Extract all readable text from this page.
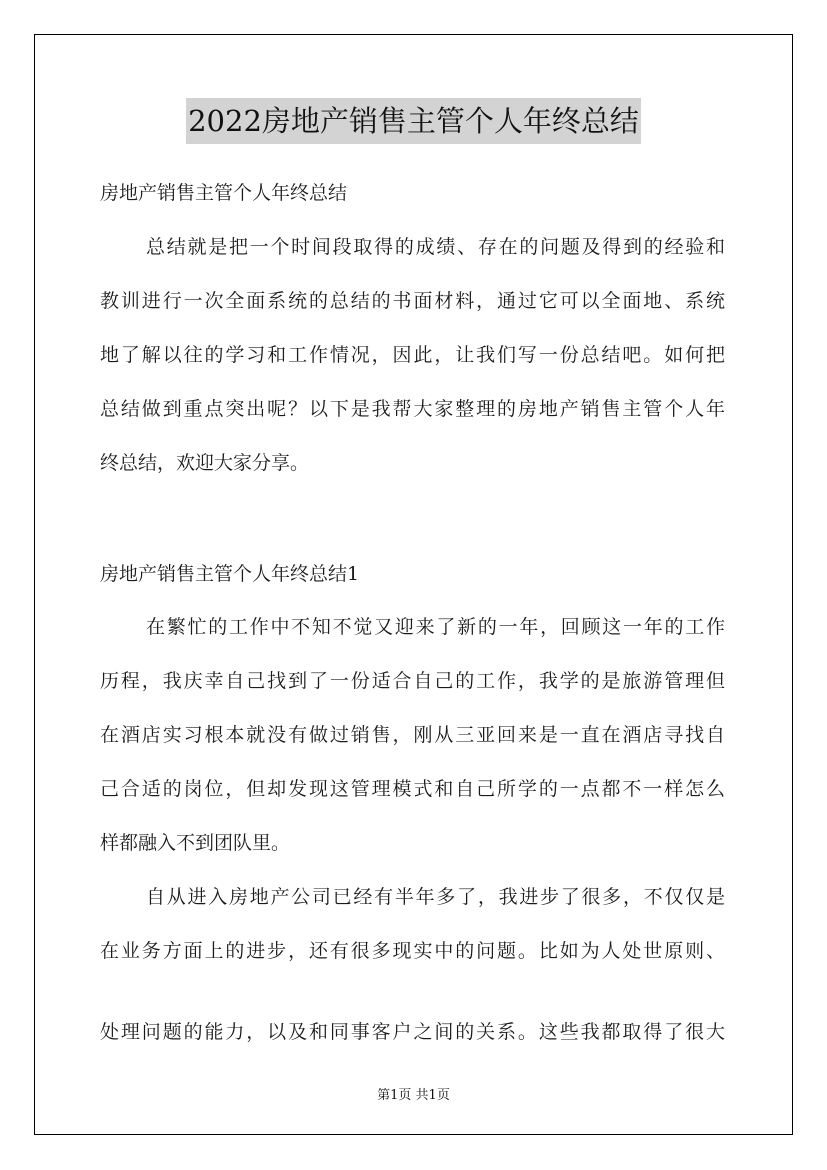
2022房地产销售主管个人年终总结
房地产销售主管个人年终总结
总结就是把一个时间段取得的成绩、存在的问题及得到的经验和
教训进行一次全面系统的总结的书面材料，通过它可以全面地、系统
地了解以往的学习和工作情况，因此，让我们写一份总结吧。如何把
总结做到重点突出呢？以下是我帮大家整理的房地产销售主管个人年
终总结，欢迎大家分享。
房地产销售主管个人年终总结1
在繁忙的工作中不知不觉又迎来了新的一年，回顾这一年的工作
历程，我庆幸自己找到了一份适合自己的工作，我学的是旅游管理但
在酒店实习根本就没有做过销售，刚从三亚回来是一直在酒店寻找自
己合适的岗位，但却发现这管理模式和自己所学的一点都不一样怎么
样都融入不到团队里。
自从进入房地产公司已经有半年多了，我进步了很多，不仅仅是
在业务方面上的进步，还有很多现实中的问题。比如为人处世原则、
处理问题的能力，以及和同事客户之间的关系。这些我都取得了很大
第1页 共1页
